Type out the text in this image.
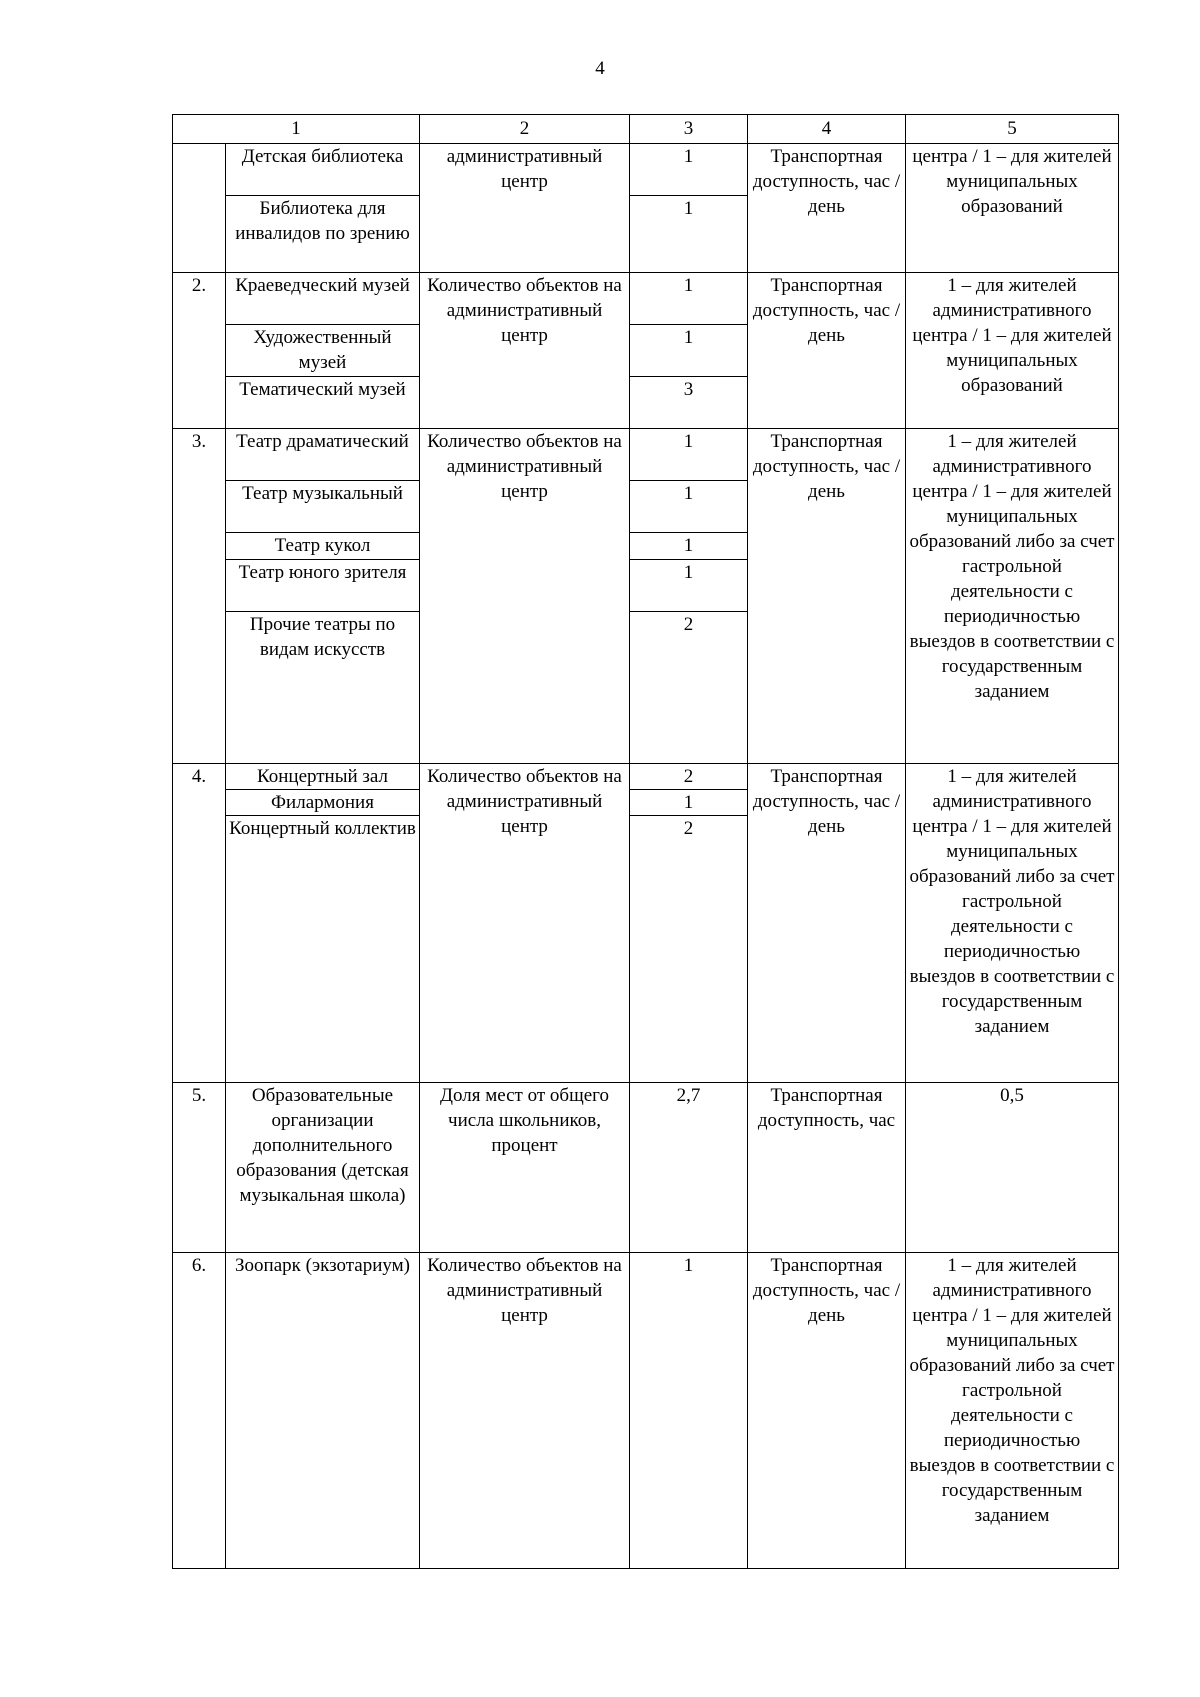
4
1		2	3	4	5
	Детская библиотека	административный центр	1	Транспортная доступность, час / день	центра / 1 – для жителей муниципальных образований
	Библиотека для инвалидов по зрению		1		
2.	Краеведческий музей	Количество объектов на административный центр	1	Транспортная доступность, час / день	1 – для жителей административного центра / 1 – для жителей муниципальных образований
	Художественный музей		1		
	Тематический музей		3		
3.	Театр драматический	Количество объектов на административный центр	1	Транспортная доступность, час / день	1 – для жителей административного центра / 1 – для жителей муниципальных образований либо за счет гастрольной деятельности с периодичностью выездов в соответствии с государственным заданием
	Театр музыкальный		1		
	Театр кукол		1		
	Театр юного зрителя		1		
	Прочие театры по видам искусств		2		
4.	Концертный зал	Количество объектов на административный центр	2	Транспортная доступность, час / день	1 – для жителей административного центра / 1 – для жителей муниципальных образований либо за счет гастрольной деятельности с периодичностью выездов в соответствии с государственным заданием
	Филармония		1		
	Концертный коллектив		2		
5.	Образовательные организации дополнительного образования (детская музыкальная школа)	Доля мест от общего числа школьников, процент	2,7	Транспортная доступность, час	0,5
6.	Зоопарк (экзотариум)	Количество объектов на административный центр	1	Транспортная доступность, час / день	1 – для жителей административного центра / 1 – для жителей муниципальных образований либо за счет гастрольной деятельности с периодичностью выездов в соответствии с государственным заданием
